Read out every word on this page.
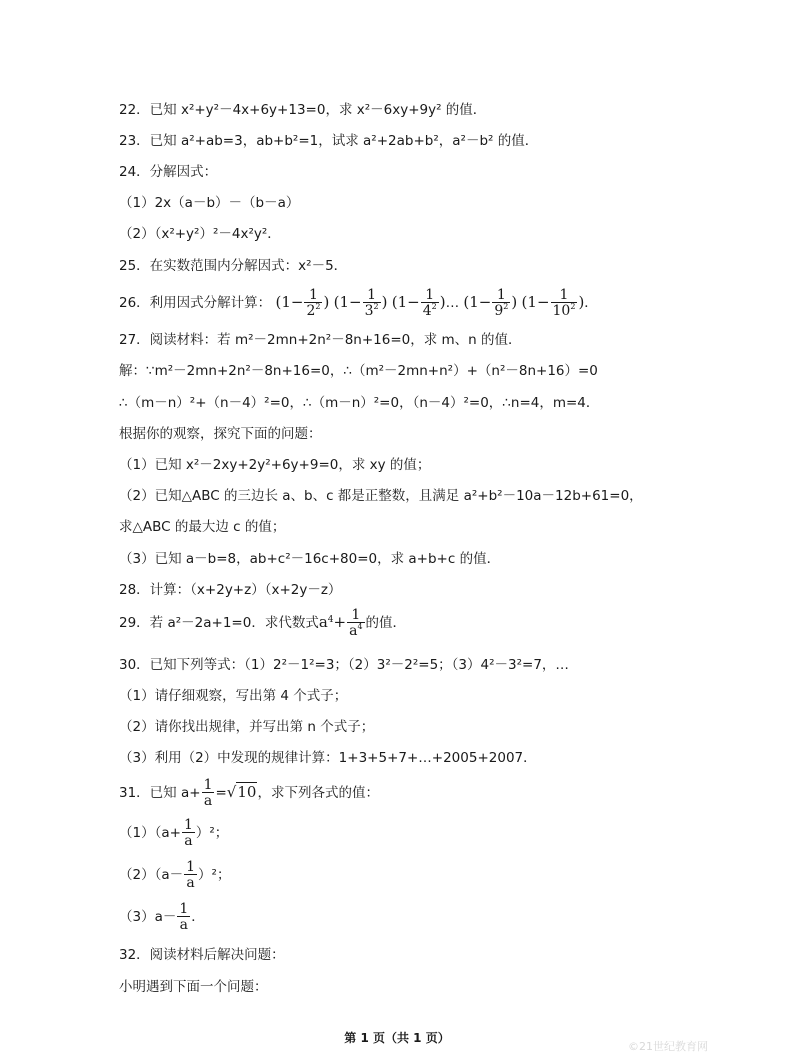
22．已知 x²+y²－4x+6y+13=0，求 x²－6xy+9y² 的值．
23．已知 a²+ab=3，ab+b²=1，试求 a²+2ab+b²，a²－b² 的值．
24．分解因式：
（1）2x（a－b）－（b－a）
（2）（x²+y²）²－4x²y²．
25．在实数范围内分解因式：x²－5．
26．利用因式分解计算： ($1- \frac{1}{2^2}$ ) ($1- \frac{1}{3^2}$ ) ($1- \frac{1}{4^2}$ )… ($1- \frac{1}{9^2}$ ) ($1- \frac{1}{10^2}$ )．
27．阅读材料：若 m²－2mn+2n²－8n+16=0，求 m、n 的值．
解：∵m²－2mn+2n²－8n+16=0，∴（m²－2mn+n²）+（n²－8n+16）=0
∴（m－n）²+（n－4）²=0，∴（m－n）²=0，（n－4）²=0，∴n=4，m=4．
根据你的观察，探究下面的问题：
（1）已知 x²－2xy+2y²+6y+9=0，求 xy 的值；
（2）已知△ABC 的三边长 a、b、c 都是正整数，且满足 a²+b²－10a－12b+61=0，
求△ABC 的最大边 c 的值；
（3）已知 a－b=8，ab+c²－16c+80=0，求 a+b+c 的值．
28．计算：（x+2y+z）（x+2y－z）
29．若 a²－2a+1=0．求代数式$a^4+ \frac{1}{a^4}$ 的值．
30．已知下列等式：（1）2²－1²=3；（2）3²－2²=5；（3）4²－3²=7，…
（1）请仔细观察，写出第 4 个式子；
（2）请你找出规律，并写出第 n 个式子；
（3）利用（2）中发现的规律计算：1+3+5+7+…+2005+2007．
31．已知 $a+ \frac{1}{a} =√10$，求下列各式的值：
$(1)(a+ \frac{1}{a} )^2$；
$(2)(a- \frac{1}{a} )^2$；
$(3)a- \frac{1}{a}$ ．
32．阅读材料后解决问题：
小明遇到下面一个问题：
第 1 页（共 1 页）
©21世纪教育网
